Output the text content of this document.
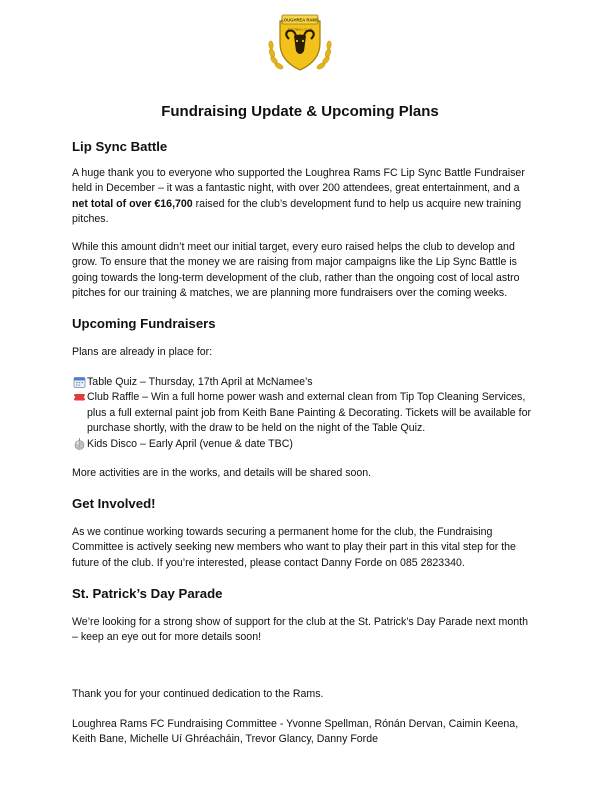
LOUGHREA RAMS
FOOTBALL CLUB
Fundraising Update & Upcoming Plans
Lip Sync Battle
A huge thank you to everyone who supported the Loughrea Rams FC Lip Sync Battle Fundraiser held in December – it was a fantastic night, with over 200 attendees, great entertainment, and a net total of over €16,700 raised for the club’s development fund to help us acquire new training pitches.
While this amount didn’t meet our initial target, every euro raised helps the club to develop and grow. To ensure that the money we are raising from major campaigns like the Lip Sync Battle is going towards the long-term development of the club, rather than the ongoing cost of local astro pitches for our training & matches, we are planning more fundraisers over the coming weeks.
Upcoming Fundraisers
Plans are already in place for:
Table Quiz – Thursday, 17th April at McNamee’s
Club Raffle – Win a full home power wash and external clean from Tip Top Cleaning Services, plus a full external paint job from Keith Bane Painting & Decorating. Tickets will be available for purchase shortly, with the draw to be held on the night of the Table Quiz.
Kids Disco – Early April (venue & date TBC)
More activities are in the works, and details will be shared soon.
Get Involved!
As we continue working towards securing a permanent home for the club, the Fundraising Committee is actively seeking new members who want to play their part in this vital step for the future of the club. If you’re interested, please contact Danny Forde on 085 2823340.
St. Patrick’s Day Parade
We’re looking for a strong show of support for the club at the St. Patrick’s Day Parade next month – keep an eye out for more details soon!
Thank you for your continued dedication to the Rams.
Loughrea Rams FC Fundraising Committee - Yvonne Spellman, Rónán Dervan, Caimin Keena, Keith Bane, Michelle Uí Ghréacháin, Trevor Glancy, Danny Forde
